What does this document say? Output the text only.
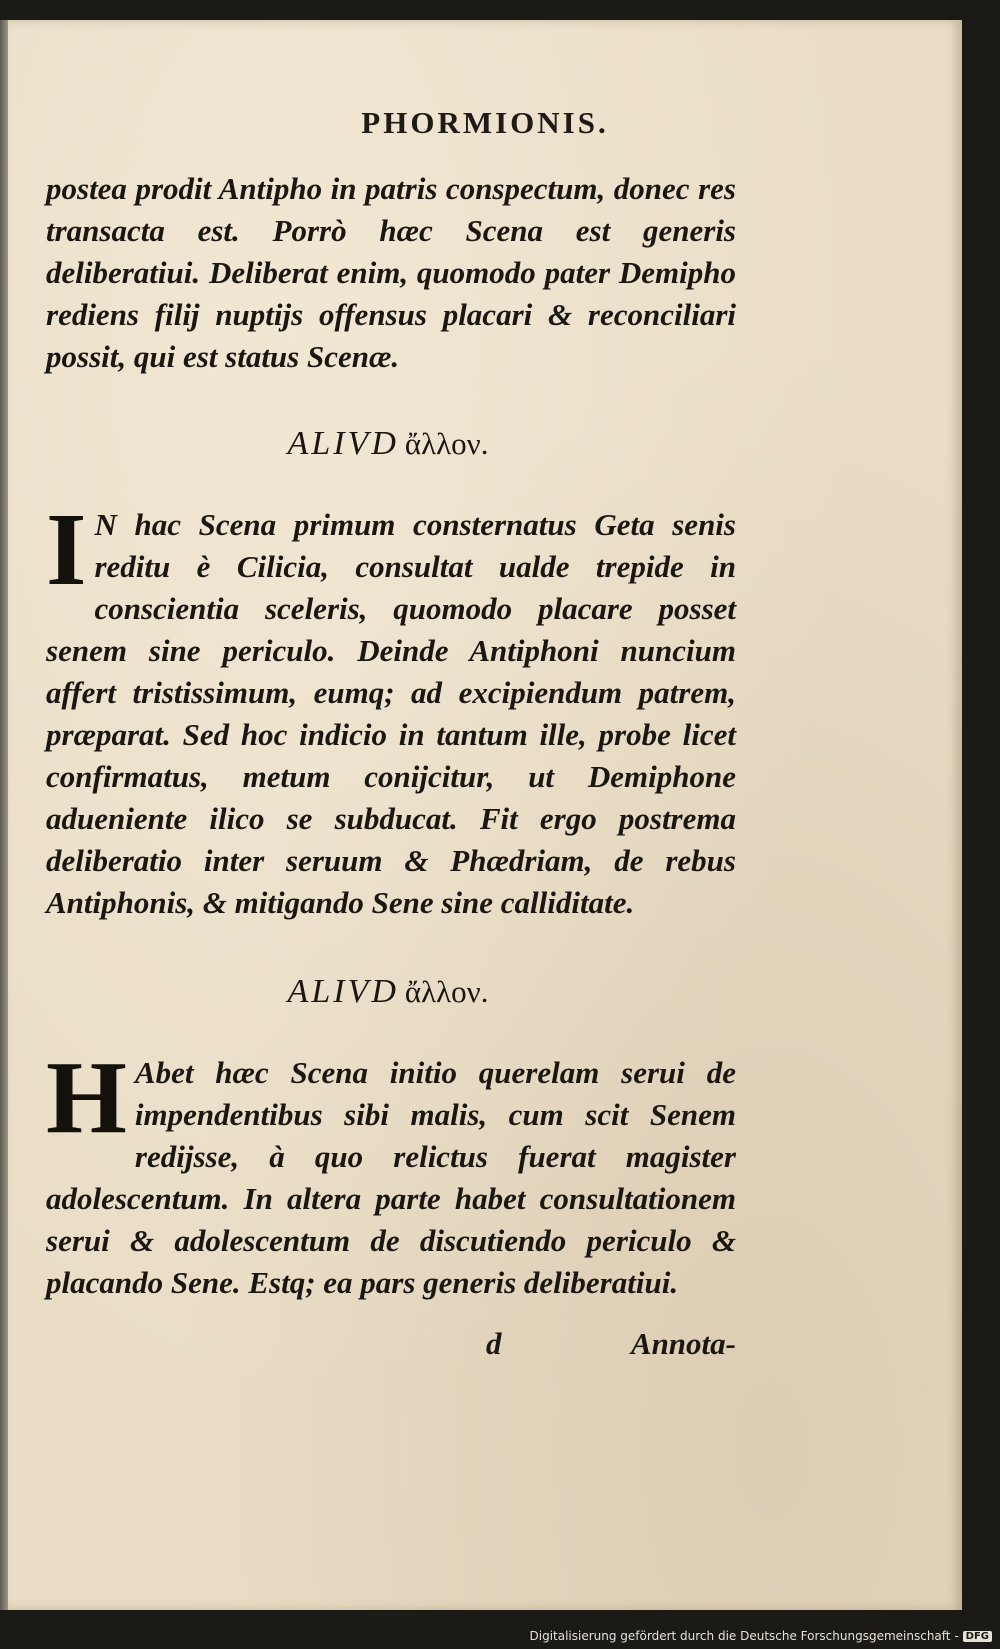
PHORMIONIS.
postea prodit Antipho in patris conspectum, donec res transacta est. Porrò hæc Scena est generis deliberatiui. Deliberat enim, quomodo pater Demipho rediens filij nuptijs offensus placari & reconciliari possit, qui est status Scenæ.
ALIVD ἄλλον.
I N hac Scena primum consternatus Geta senis reditu è Cilicia, consultat ualde trepide in conscientia sceleris, quomodo placare posset senem sine periculo. Deinde Antiphoni nuncium affert tristissimum, eumq; ad excipiendum patrem, præparat. Sed hoc indicio in tantum ille, probe licet confirmatus, metum conijcitur, ut Demiphone adueniente ilico se subducat. Fit ergo postrema deliberatio inter seruum & Phædriam, de rebus Antiphonis, & mitigando Sene sine calliditate.
ALIVD ἄλλον.
H Abet hæc Scena initio querelam serui de impendentibus sibi malis, cum scit Senem redijsse, à quo relictus fuerat magister adolescentum. In altera parte habet consultationem serui & adolescentum de discutiendo periculo & placando Sene. Estq; ea pars generis deliberatiui.
d	Annota-
Digitalisierung gefördert durch die Deutsche Forschungsgemeinschaft - DFG
